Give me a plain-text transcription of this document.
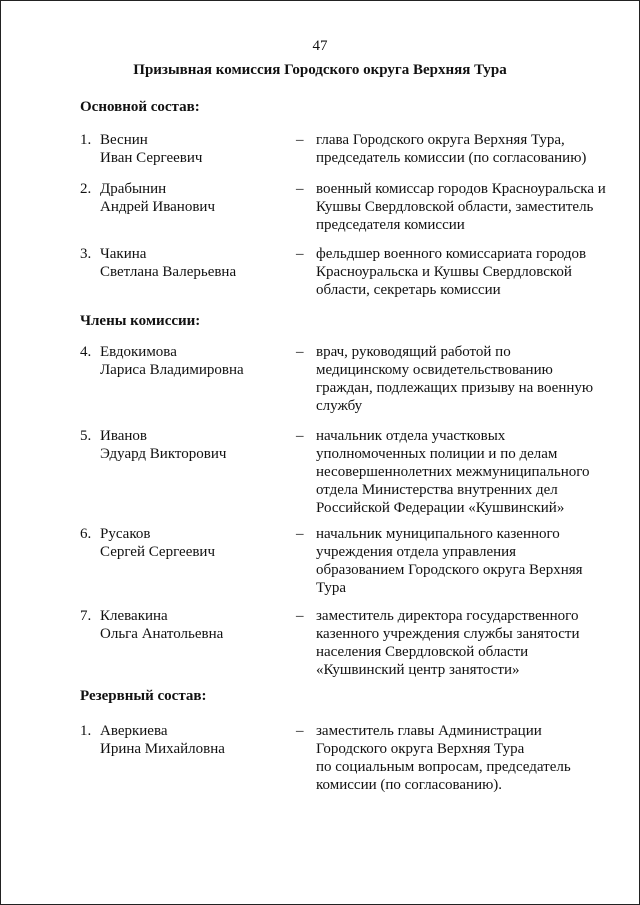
47
Призывная комиссия Городского округа Верхняя Тура
Основной состав:
1. Веснин
Иван Сергеевич
– глава Городского округа Верхняя Тура,
председатель комиссии (по согласованию)
2. Драбынин
Андрей Иванович
– военный комиссар городов Красноуральска и
Кушвы Свердловской области, заместитель
председателя комиссии
3. Чакина
Светлана Валерьевна
– фельдшер военного комиссариата городов
Красноуральска и Кушвы Свердловской
области, секретарь комиссии
Члены комиссии:
4. Евдокимова
Лариса Владимировна
– врач, руководящий работой по
медицинскому освидетельствованию
граждан, подлежащих призыву на военную
службу
5. Иванов
Эдуард Викторович
– начальник отдела участковых
уполномоченных полиции и по делам
несовершеннолетних межмуниципального
отдела Министерства внутренних дел
Российской Федерации «Кушвинский»
6. Русаков
Сергей Сергеевич
– начальник муниципального казенного
учреждения отдела управления
образованием Городского округа Верхняя
Тура
7. Клевакина
Ольга Анатольевна
– заместитель директора государственного
казенного учреждения службы занятости
населения Свердловской области
«Кушвинский центр занятости»
Резервный состав:
1. Аверкиева
Ирина Михайловна
– заместитель главы Администрации
Городского округа Верхняя Тура
по социальным вопросам, председатель
комиссии (по согласованию).
